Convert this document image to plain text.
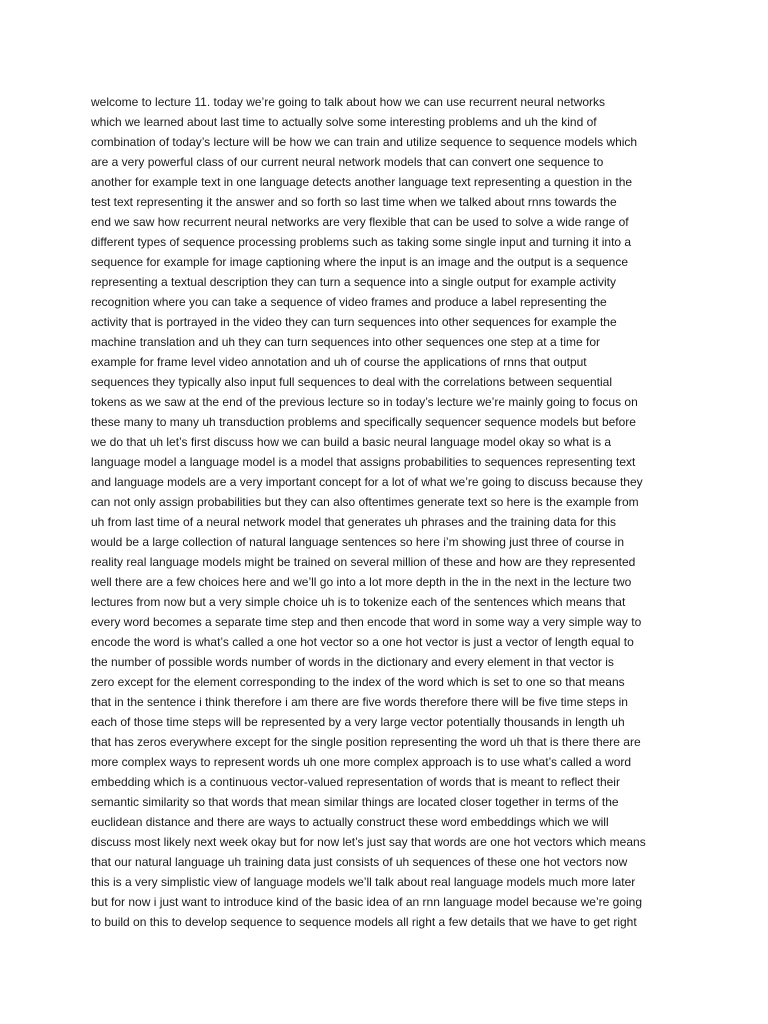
welcome to lecture 11. today we’re going to talk about how we can use recurrent neural networks
which we learned about last time to actually solve some interesting problems and uh the kind of
combination of today’s lecture will be how we can train and utilize sequence to sequence models which
are a very powerful class of our current neural network models that can convert one sequence to
another for example text in one language detects another language text representing a question in the
test text representing it the answer and so forth so last time when we talked about rnns towards the
end we saw how recurrent neural networks are very flexible that can be used to solve a wide range of
different types of sequence processing problems such as taking some single input and turning it into a
sequence for example for image captioning where the input is an image and the output is a sequence
representing a textual description they can turn a sequence into a single output for example activity
recognition where you can take a sequence of video frames and produce a label representing the
activity that is portrayed in the video they can turn sequences into other sequences for example the
machine translation and uh they can turn sequences into other sequences one step at a time for
example for frame level video annotation and uh of course the applications of rnns that output
sequences they typically also input full sequences to deal with the correlations between sequential
tokens as we saw at the end of the previous lecture so in today’s lecture we’re mainly going to focus on
these many to many uh transduction problems and specifically sequencer sequence models but before
we do that uh let’s first discuss how we can build a basic neural language model okay so what is a
language model a language model is a model that assigns probabilities to sequences representing text
and language models are a very important concept for a lot of what we’re going to discuss because they
can not only assign probabilities but they can also oftentimes generate text so here is the example from
uh from last time of a neural network model that generates uh phrases and the training data for this
would be a large collection of natural language sentences so here i’m showing just three of course in
reality real language models might be trained on several million of these and how are they represented
well there are a few choices here and we’ll go into a lot more depth in the in the next in the lecture two
lectures from now but a very simple choice uh is to tokenize each of the sentences which means that
every word becomes a separate time step and then encode that word in some way a very simple way to
encode the word is what’s called a one hot vector so a one hot vector is just a vector of length equal to
the number of possible words number of words in the dictionary and every element in that vector is
zero except for the element corresponding to the index of the word which is set to one so that means
that in the sentence i think therefore i am there are five words therefore there will be five time steps in
each of those time steps will be represented by a very large vector potentially thousands in length uh
that has zeros everywhere except for the single position representing the word uh that is there there are
more complex ways to represent words uh one more complex approach is to use what’s called a word
embedding which is a continuous vector-valued representation of words that is meant to reflect their
semantic similarity so that words that mean similar things are located closer together in terms of the
euclidean distance and there are ways to actually construct these word embeddings which we will
discuss most likely next week okay but for now let’s just say that words are one hot vectors which means
that our natural language uh training data just consists of uh sequences of these one hot vectors now
this is a very simplistic view of language models we’ll talk about real language models much more later
but for now i just want to introduce kind of the basic idea of an rnn language model because we’re going
to build on this to develop sequence to sequence models all right a few details that we have to get right
